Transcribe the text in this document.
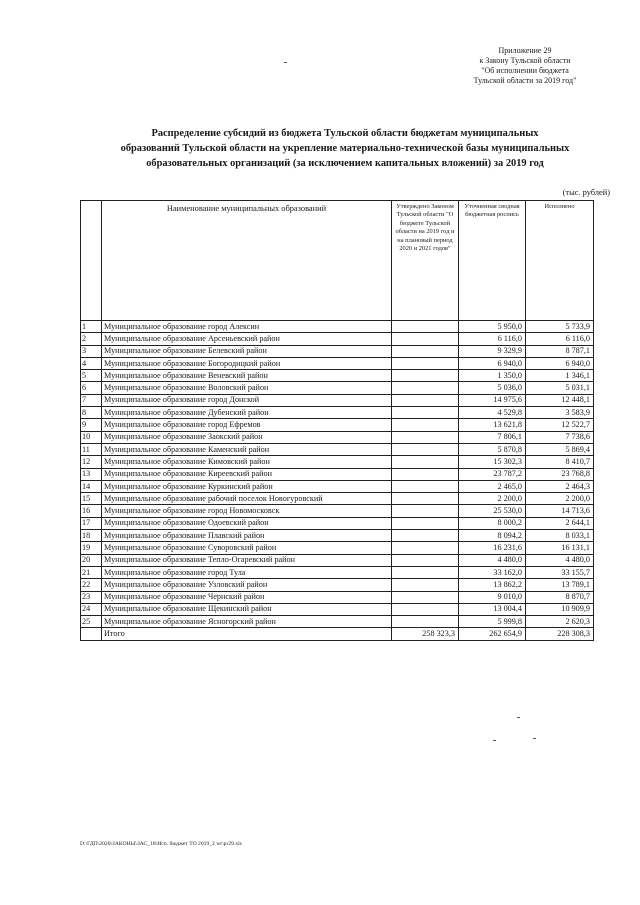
Приложение 29
к Закону Тульской области
"Об исполнении бюджета
Тульской области за 2019 год"
Распределение субсидий из бюджета Тульской области бюджетам муниципальных
образований Тульской области на укрепление материально-технической базы муниципальных
образовательных организаций (за исключением капитальных вложений) за 2019 год
(тыс. рублей)
	Наименование муниципальных образований	Утверждено Законом Тульской области "О бюджете Тульской области на 2019 год и на плановый период 2020 и 2021 годов"	Уточненная сводная бюджетная роспись	Исполнено
1	Муниципальное образование город Алексин		5 950,0	5 733,9
2	Муниципальное образование Арсеньевский район		6 116,0	6 116,0
3	Муниципальное образование Белевский район		9 329,9	8 787,1
4	Муниципальное образование Богородицкий район		6 940,0	6 940,0
5	Муниципальное образование Веневский район		1 350,0	1 346,1
6	Муниципальное образование Воловский район		5 036,0	5 031,1
7	Муниципальное образование город Донской		14 975,6	12 448,1
8	Муниципальное образование Дубенский район		4 529,8	3 583,9
9	Муниципальное образование город Ефремов		13 621,8	12 522,7
10	Муниципальное образование Заокский район		7 806,1	7 738,6
11	Муниципальное образование Каменский район		5 870,8	5 869,4
12	Муниципальное образование Кимовский район		15 302,3	8 410,7
13	Муниципальное образование Киреевский район		23 787,2	23 768,8
14	Муниципальное образование Куркинский район		2 465,0	2 464,3
15	Муниципальное образование рабочий поселок Новогуровский		2 200,0	2 200,0
16	Муниципальное образование город Новомосковск		25 530,0	14 713,6
17	Муниципальное образование Одоевский район		8 000,2	2 644,1
18	Муниципальное образование Плавский район		8 094,2	8 033,1
19	Муниципальное образование Суворовский район		16 231,6	16 131,1
20	Муниципальное образование Тепло-Огаревский район		4 480,0	4 480,0
21	Муниципальное образование город Тула		33 162,0	33 155,7
22	Муниципальное образование Узловский район		13 862,2	13 789,1
23	Муниципальное образование Чернский район		9 010,0	8 870,7
24	Муниципальное образование Щекинский район		13 004,4	10 909,9
25	Муниципальное образование Ясногорский район		5 999,8	2 620,3
	Итого	258 323,3	262 654,9	228 308,3
D:\ГДП\2020\ЗАКОНЫ\ЗАС_18\Исп. бюджет ТО 2019_2 wr\pr29.xls
